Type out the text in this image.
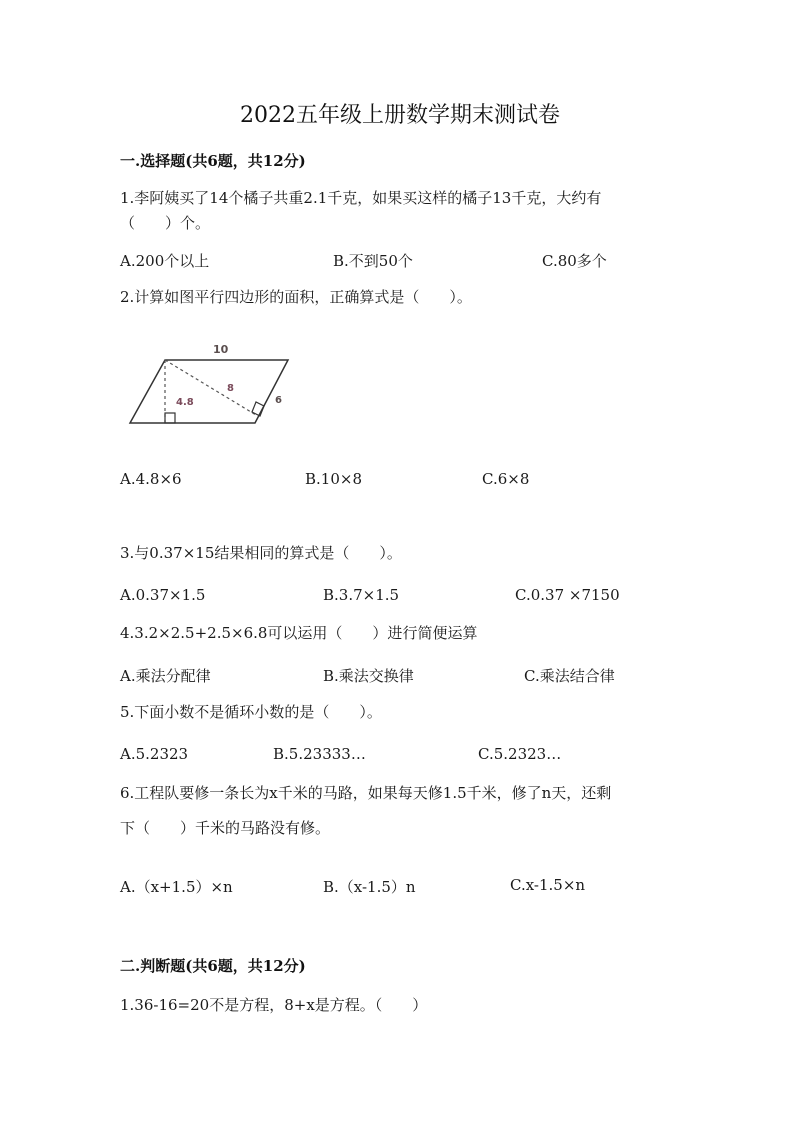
2022五年级上册数学期末测试卷
一.选择题(共6题，共12分)
1.李阿姨买了14个橘子共重2.1千克，如果买这样的橘子13千克，大约有
（　　）个。
A.200个以上	B.不到50个	C.80多个
2.计算如图平行四边形的面积，正确算式是（　　）。
10
4.8
8
6
A.4.8×6	B.10×8	C.6×8
3.与0.37×15结果相同的算式是（　　）。
A.0.37×1.5	B.3.7×1.5	C.0.37 ×7150
4.3.2×2.5+2.5×6.8可以运用（　　）进行简便运算
A.乘法分配律	B.乘法交换律	C.乘法结合律
5.下面小数不是循环小数的是（　　）。
A.5.2323	B.5.23333…	C.5.2323…
6.工程队要修一条长为x千米的马路，如果每天修1.5千米，修了n天，还剩
下（　　）千米的马路没有修。
A.（x+1.5）×n	B.（x-1.5）n	C.x-1.5×n
二.判断题(共6题，共12分)
1.36-16=20不是方程，8+x是方程。（　　）
